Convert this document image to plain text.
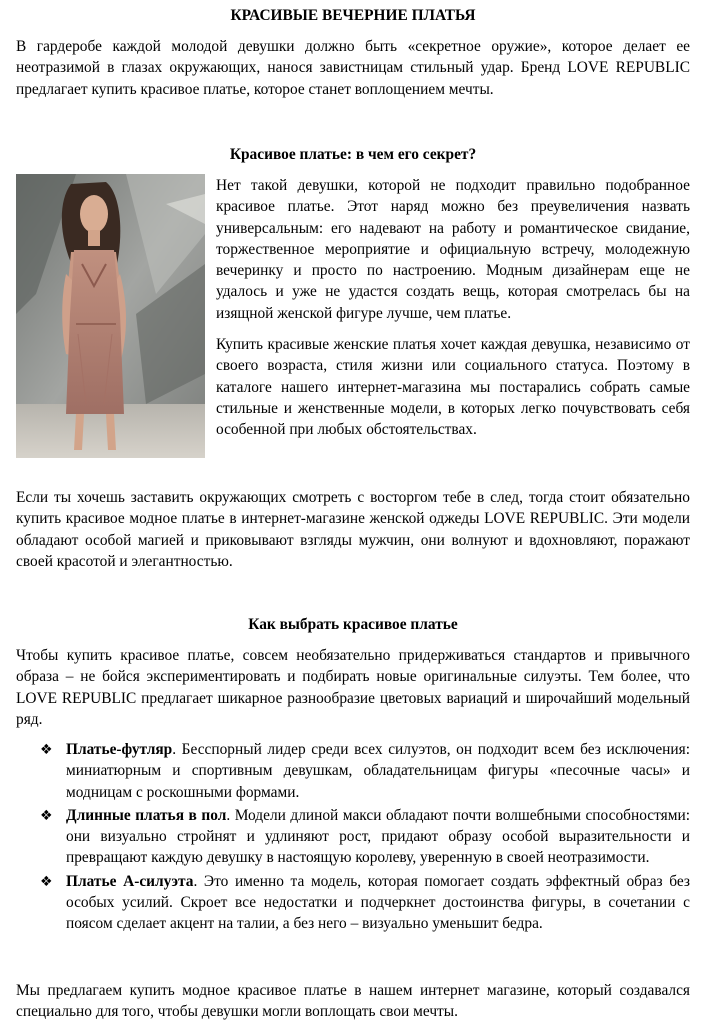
КРАСИВЫЕ ВЕЧЕРНИЕ ПЛАТЬЯ

В гардеробе каждой молодой девушки должно быть «секретное оружие», которое делает ее неотразимой в глазах окружающих, нанося завистницам стильный удар. Бренд LOVE REPUBLIC предлагает купить красивое платье, которое станет воплощением мечты.

Красивое платье: в чем его секрет?

Нет такой девушки, которой не подходит правильно подобранное красивое платье. Этот наряд можно без преувеличения назвать универсальным: его надевают на работу и романтическое свидание, торжественное мероприятие и официальную встречу, молодежную вечеринку и просто по настроению. Модным дизайнерам еще не удалось и уже не удастся создать вещь, которая смотрелась бы на изящной женской фигуре лучше, чем платье.

Купить красивые женские платья хочет каждая девушка, независимо от своего возраста, стиля жизни или социального статуса. Поэтому в каталоге нашего интернет-магазина мы постарались собрать самые стильные и женственные модели, в которых легко почувствовать себя особенной при любых обстоятельствах.

Если ты хочешь заставить окружающих смотреть с восторгом тебе в след, тогда стоит обязательно купить красивое модное платье в интернет-магазине женской оджеды LOVE REPUBLIC. Эти модели обладают особой магией и приковывают взгляды мужчин, они волнуют и вдохновляют, поражают своей красотой и элегантностью.

Как выбрать красивое платье

Чтобы купить красивое платье, совсем необязательно придерживаться стандартов и привычного образа – не бойся экспериментировать и подбирать новые оригинальные силуэты. Тем более, что LOVE REPUBLIC предлагает шикарное разнообразие цветовых вариаций и широчайший модельный ряд.

❖ Платье-футляр. Бесспорный лидер среди всех силуэтов, он подходит всем без исключения: миниатюрным и спортивным девушкам, обладательницам фигуры «песочные часы» и модницам с роскошными формами.

❖ Длинные платья в пол. Модели длиной макси обладают почти волшебными способностями: они визуально стройнят и удлиняют рост, придают образу особой выразительности и превращают каждую девушку в настоящую королеву, уверенную в своей неотразимости.

❖ Платье А-силуэта. Это именно та модель, которая помогает создать эффектный образ без особых усилий. Скроет все недостатки и подчеркнет достоинства фигуры, в сочетании с поясом сделает акцент на талии, а без него – визуально уменьшит бедра.

Мы предлагаем купить модное красивое платье в нашем интернет магазине, который создавался специально для того, чтобы девушки могли воплощать свои мечты.
